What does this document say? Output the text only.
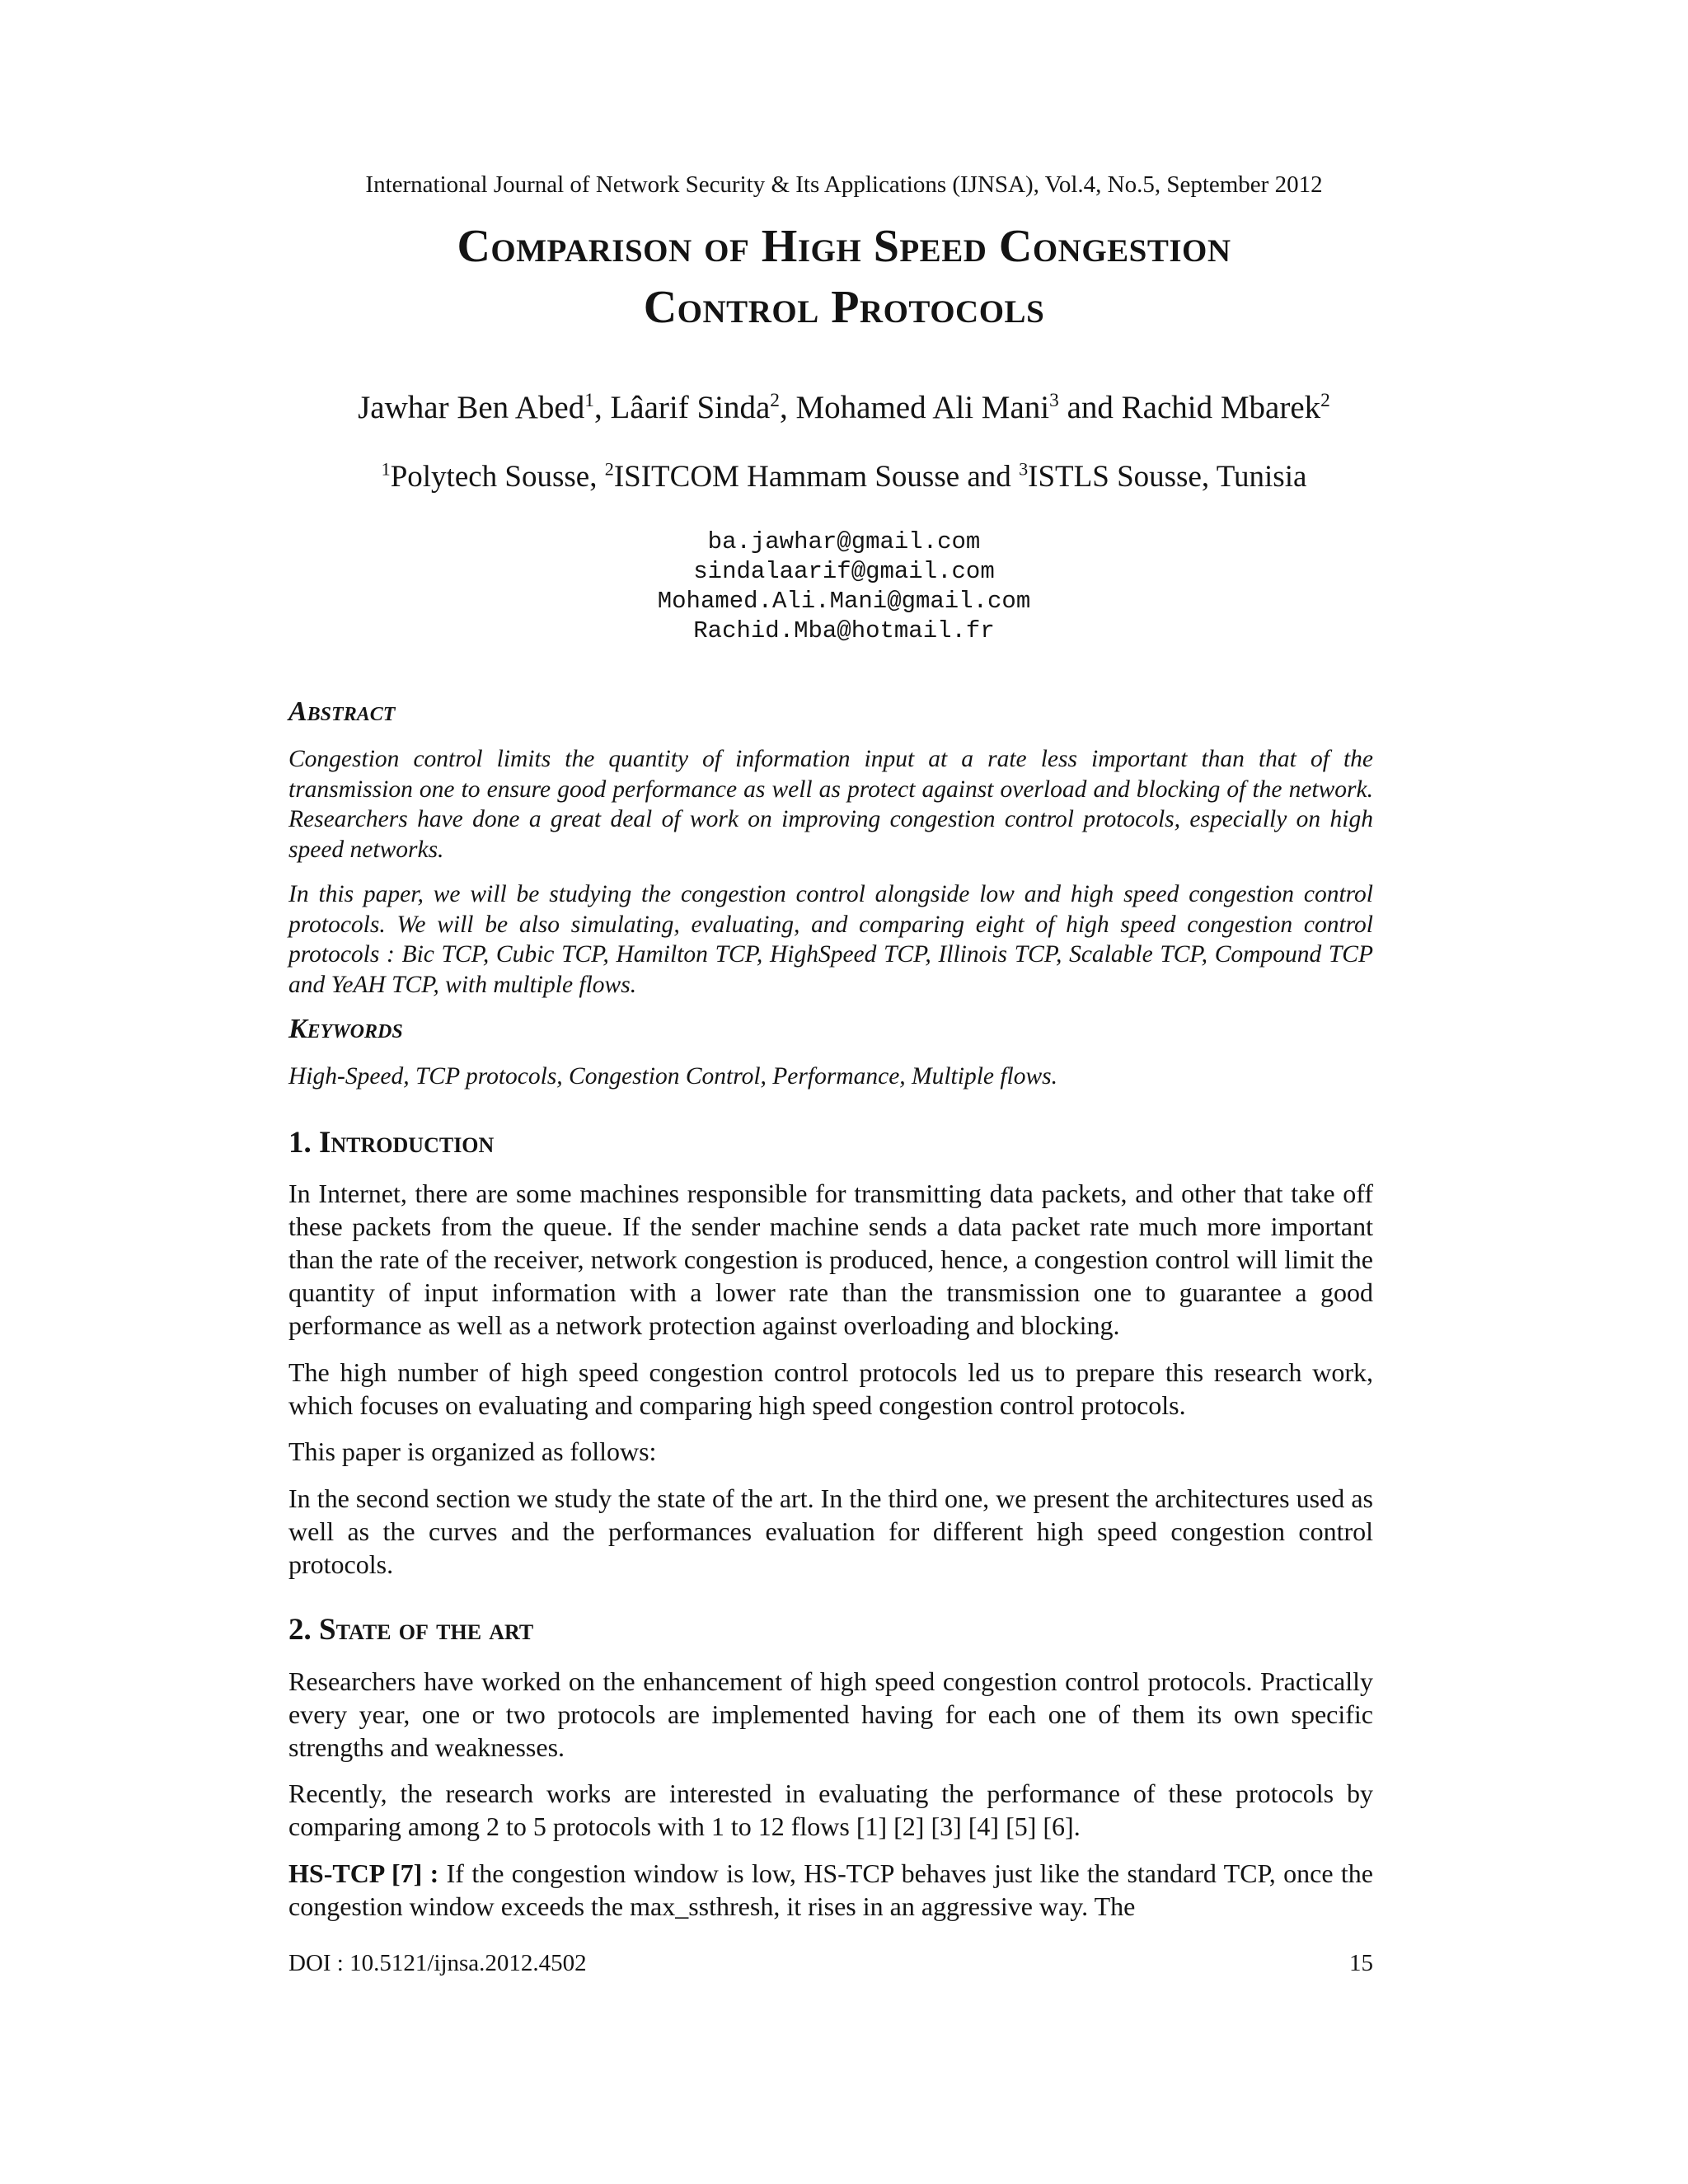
International Journal of Network Security & Its Applications (IJNSA), Vol.4, No.5, September 2012
Comparison of High Speed Congestion
Control Protocols
Jawhar Ben Abed$^1$, Lâarif Sinda$^2$, Mohamed Ali Mani$^3$ and Rachid Mbarek$^2$
$^1$Polytech Sousse, $^2$ISITCOM Hammam Sousse and $^3$ISTLS Sousse, Tunisia
ba.jawhar@gmail.com
sindalaarif@gmail.com
Mohamed.Ali.Mani@gmail.com
Rachid.Mba@hotmail.fr
Abstract

Congestion control limits the quantity of information input at a rate less important than that of the transmission one to ensure good performance as well as protect against overload and blocking of the network. Researchers have done a great deal of work on improving congestion control protocols, especially on high speed networks.

In this paper, we will be studying the congestion control alongside low and high speed congestion control protocols. We will be also simulating, evaluating, and comparing eight of high speed congestion control protocols : Bic TCP, Cubic TCP, Hamilton TCP, HighSpeed TCP, Illinois TCP, Scalable TCP, Compound TCP and YeAH TCP, with multiple flows.

Keywords

High-Speed, TCP protocols, Congestion Control, Performance, Multiple flows.

1. Introduction

In Internet, there are some machines responsible for transmitting data packets, and other that take off these packets from the queue. If the sender machine sends a data packet rate much more important than the rate of the receiver, network congestion is produced, hence, a congestion control will limit the quantity of input information with a lower rate than the transmission one to guarantee a good performance as well as a network protection against overloading and blocking.

The high number of high speed congestion control protocols led us to prepare this research work, which focuses on evaluating and comparing high speed congestion control protocols.

This paper is organized as follows:

In the second section we study the state of the art. In the third one, we present the architectures used as well as the curves and the performances evaluation for different high speed congestion control protocols.

2. State of the art

Researchers have worked on the enhancement of high speed congestion control protocols. Practically every year, one or two protocols are implemented having for each one of them its own specific strengths and weaknesses.

Recently, the research works are interested in evaluating the performance of these protocols by comparing among 2 to 5 protocols with 1 to 12 flows [1] [2] [3] [4] [5] [6].

HS-TCP [7] : If the congestion window is low, HS-TCP behaves just like the standard TCP, once the congestion window exceeds the max_ssthresh, it rises in an aggressive way. The

DOI : 10.5121/ijnsa.2012.4502	15
